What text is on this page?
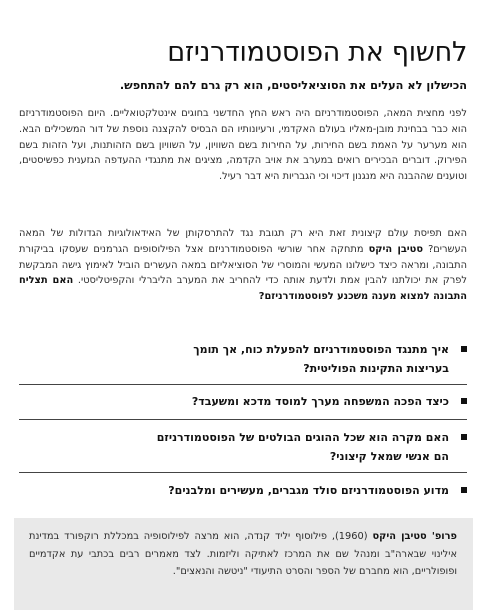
לחשוף את הפוסטמודרניזם

הכישלון לא העלים את הסוציאליסטים, הוא רק גרם להם להתחפש.

לפני מחצית המאה, הפוסטמודרניזם היה ראש החץ החדשני בחוגים אינטלקטואליים. היום הפוסטמודרניזם הוא כבר בבחינת מובן-מאליו בעולם האקדמי, ורעיונותיו הם הבסיס להקצנה נוספת של דור המשכילים הבא. הוא מערער על האמת בשם החירות, על החירות בשם השוויון, על השוויון בשם הזהותנות, ועל הזהות בשם הפירוק. דוברים הבכירים רואים במערב את אויב הקדמה, מציגים את מתנגדי ההעדפה הגזענית כפשיסטים, וטוענים שההבנה היא מנגנון דיכוי וכי הגבריות היא דבר רעיל.

האם תפיסת עולם קיצונית זאת היא רק תגובת נגד להתרסקותן של האידאולוגיות הגדולות של המאה העשרים? סטיבן היקס מתחקה אחר שורשי הפוסטמודרניזם אצל הפילוסופים הגרמנים שעסקו בביקורת התבונה, ומראה כיצד כישלונו המעשי והמוסרי של הסוציאליזם במאה העשרים הוביל לאימוץ גישה המבקשת לפרק את יכולתנו להבין אמת ולדעת אותה כדי להחריב את המערב הליברלי והקפיטליסטי. האם תצליח התבונה למצוא מענה משכנע לפוסטמודרניזם?

איך מתנגד הפוסטמודרניזם להפעלת כוח, אך תומך בעריצות התקינות הפוליטית?
כיצד הפכה המשפחה מערך למוסד מדכא ומשעבד?
האם מקרה הוא שכל ההוגים הבולטים של הפוסטמודרניזם הם אנשי שמאל קיצוני?
מדוע הפוסטמודרניזם סולד מגברים, מעשירים ומלבנים?

פרופ' סטיבן היקס (1960), פילוסוף יליד קנדה, הוא מרצה לפילוסופיה במכללת רוקפורד במדינת אילינוי שבארה"ב ומנהל שם את המרכז לאתיקה וליזמות. לצד מאמרים רבים בכתבי עת אקדמיים ופופולריים, הוא מחברם של הספר והסרט התיעודי "ניטשה והנאצים".
